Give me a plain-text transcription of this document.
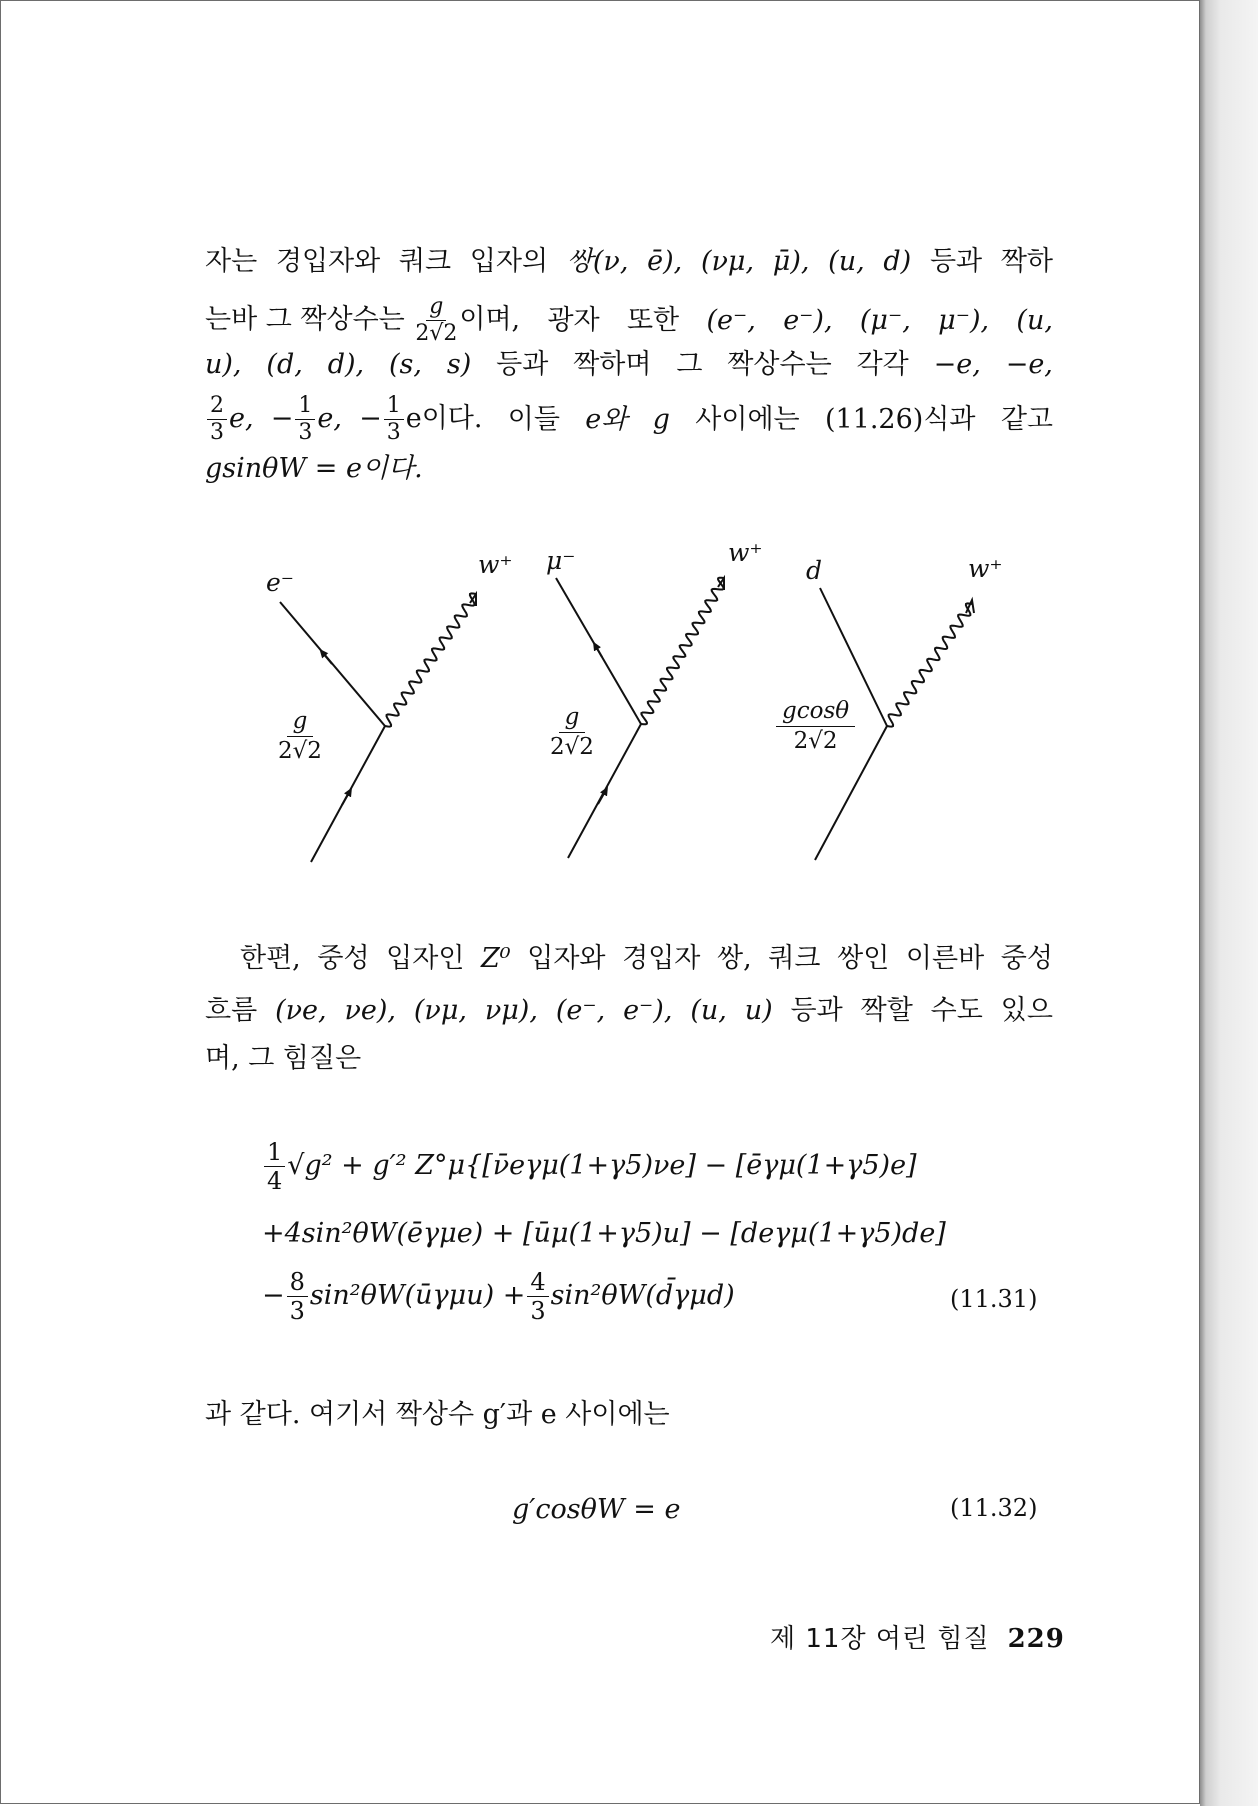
자는 경입자와 쿼크 입자의 쌍(ν, ē), (νμ, μ̄), (u, d) 등과 짝하
는바 그 짝상수는 $\frac{g}{2√2}$ 이며, 광자 또한 (e⁻, e⁻), (μ⁻, μ⁻), (u,
u), (d, d), (s, s) 등과 짝하며 그 짝상수는 각각 −e, −e,
$\frac{2}{3} e$, − $\frac{1}{3} e$, − $\frac{1}{3}$ e이다. 이들 e와 g 사이에는 (11.26)식과 같고
gsinθW = e이다.
e⁻
w⁺
$\frac{g}{2√2}$
μ⁻	w⁺
$\frac{g}{2√2}$
d	w⁺
$\frac{gcos\theta}{2√2}$
한편, 중성 입자인 Z⁰ 입자와 경입자 쌍, 쿼크 쌍인 이른바 중성
흐름 (νe, νe), (νμ, νμ), (e⁻, e⁻), (u, u) 등과 짝할 수도 있으
며, 그 힘질은
$\frac{1}{4} √g^2 + g'^2$ Z°μ{[ν̄eγμ(1+γ5)νe] − [ēγμ(1+γ5)e]
+4sin²θW(ēγμe) + [ūμ(1+γ5)u] − [deγμ(1+γ5)de]
− $\frac{8}{3}$ sin²θW(ūγμu) + $\frac{4}{3}$ sin²θW(d̄γμd)	(11.31)
과 같다. 여기서 짝상수 g′과 e 사이에는
g′cosθW = e	(11.32)
제 11장 여린 힘질 229
